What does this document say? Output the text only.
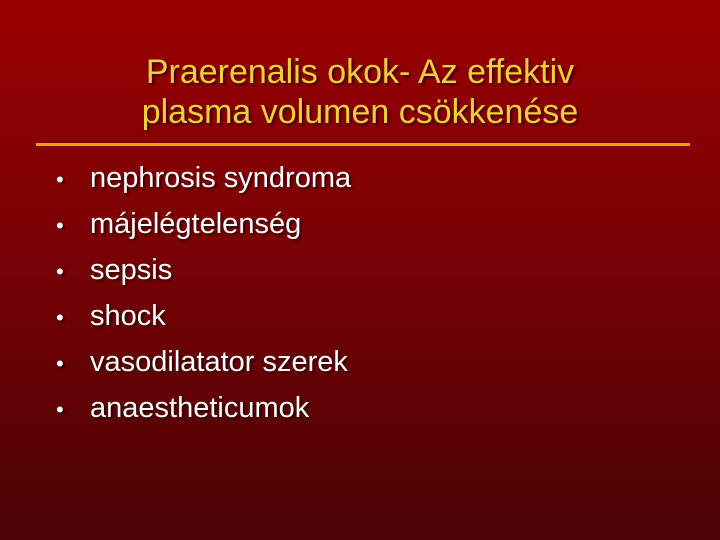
Praerenalis okok- Az effektiv
plasma volumen csökkenése
• nephrosis syndroma
• májelégtelenség
• sepsis
• shock
• vasodilatator szerek
• anaestheticumok
